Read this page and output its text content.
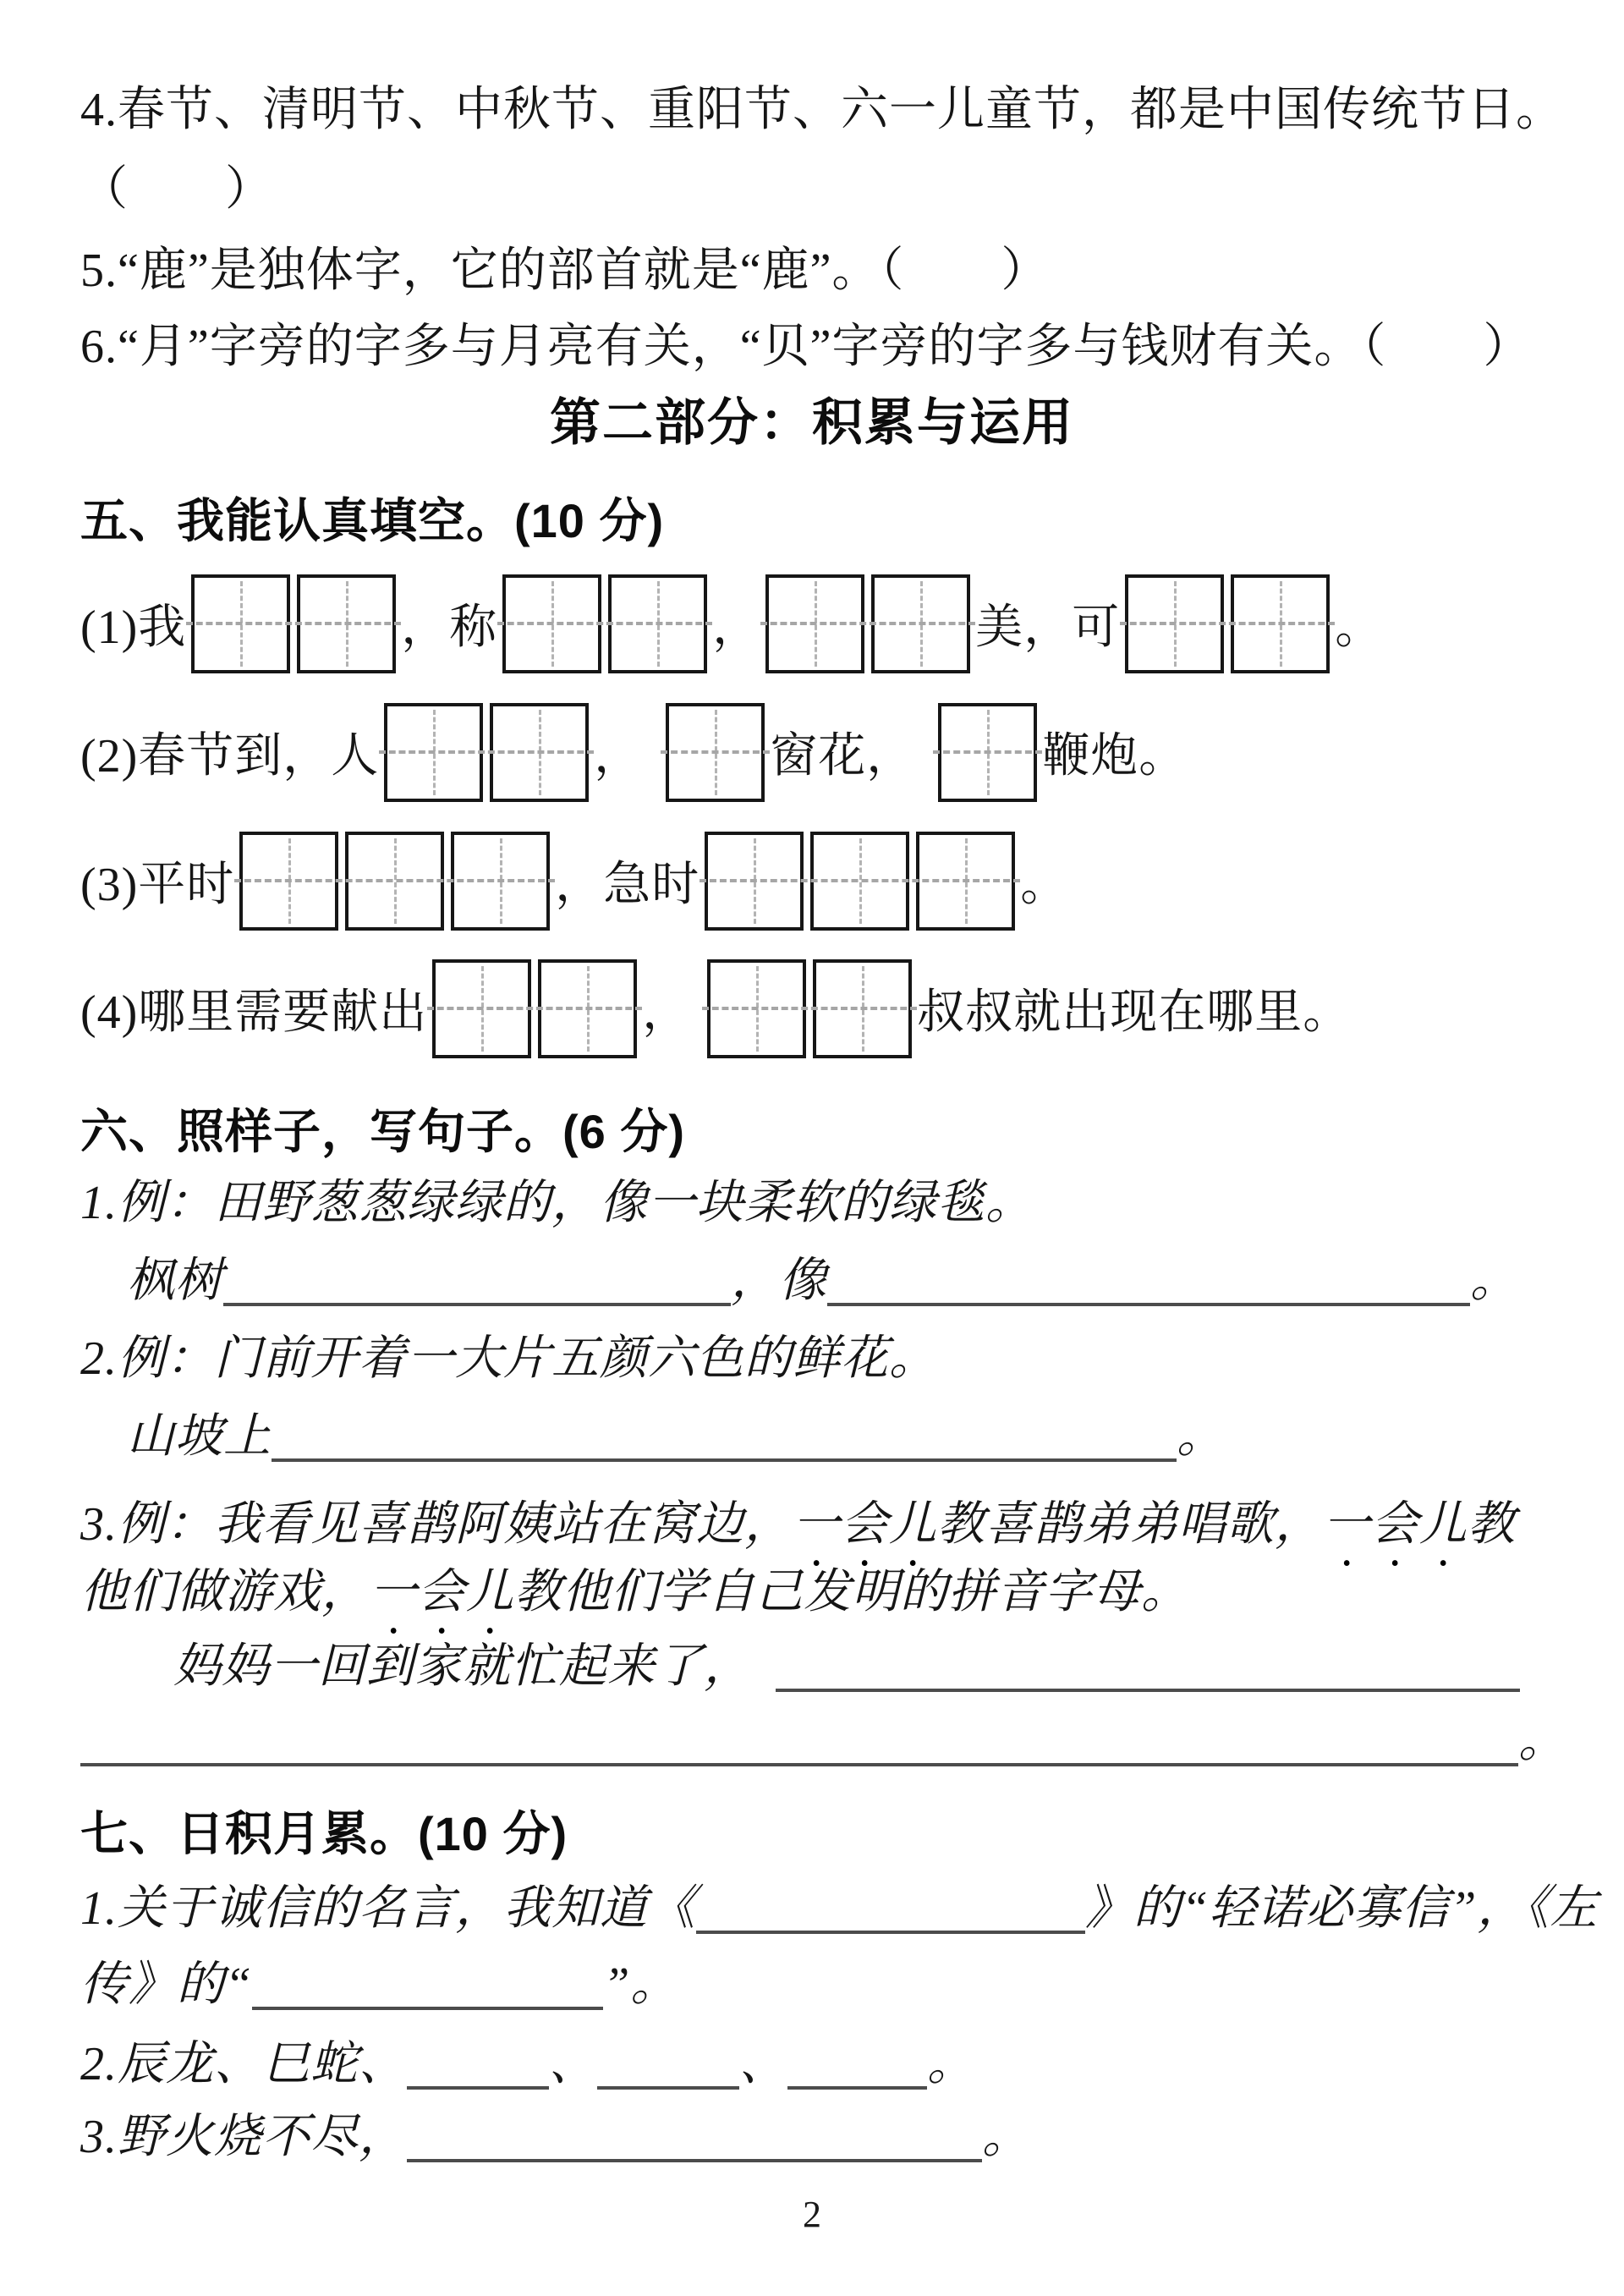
4.春节、清明节、中秋节、重阳节、六一儿童节，都是中国传统节日。
（　　）
5.“鹿”是独体字，它的部首就是“鹿”。（　　）
6.“月”字旁的字多与月亮有关，“贝”字旁的字多与钱财有关。（　　）
第二部分：积累与运用
五、我能认真填空。(10 分)
(1)我	，称	，	美，可	。
(2)春节到，人	，	窗花，	鞭炮。
(3)平时	，急时	。
(4)哪里需要献出	，	叔叔就出现在哪里。
六、照样子，写句子。(6 分)
1.例：田野葱葱绿绿的，像一块柔软的绿毯。
枫树	，像	。
2.例：门前开着一大片五颜六色的鲜花。
山坡上	。
3.例：我看见喜鹊阿姨站在窝边，一会儿教喜鹊弟弟唱歌，一会儿教
他们做游戏，一会儿教他们学自己发明的拼音字母。
妈妈一回到家就忙起来了，
。
七、日积月累。(10 分)
1.关于诚信的名言，我知道《	》的“轻诺必寡信”，《左
传》的“	”。
2.辰龙、巳蛇、	、	、	。
3.野火烧不尽，	。
2
